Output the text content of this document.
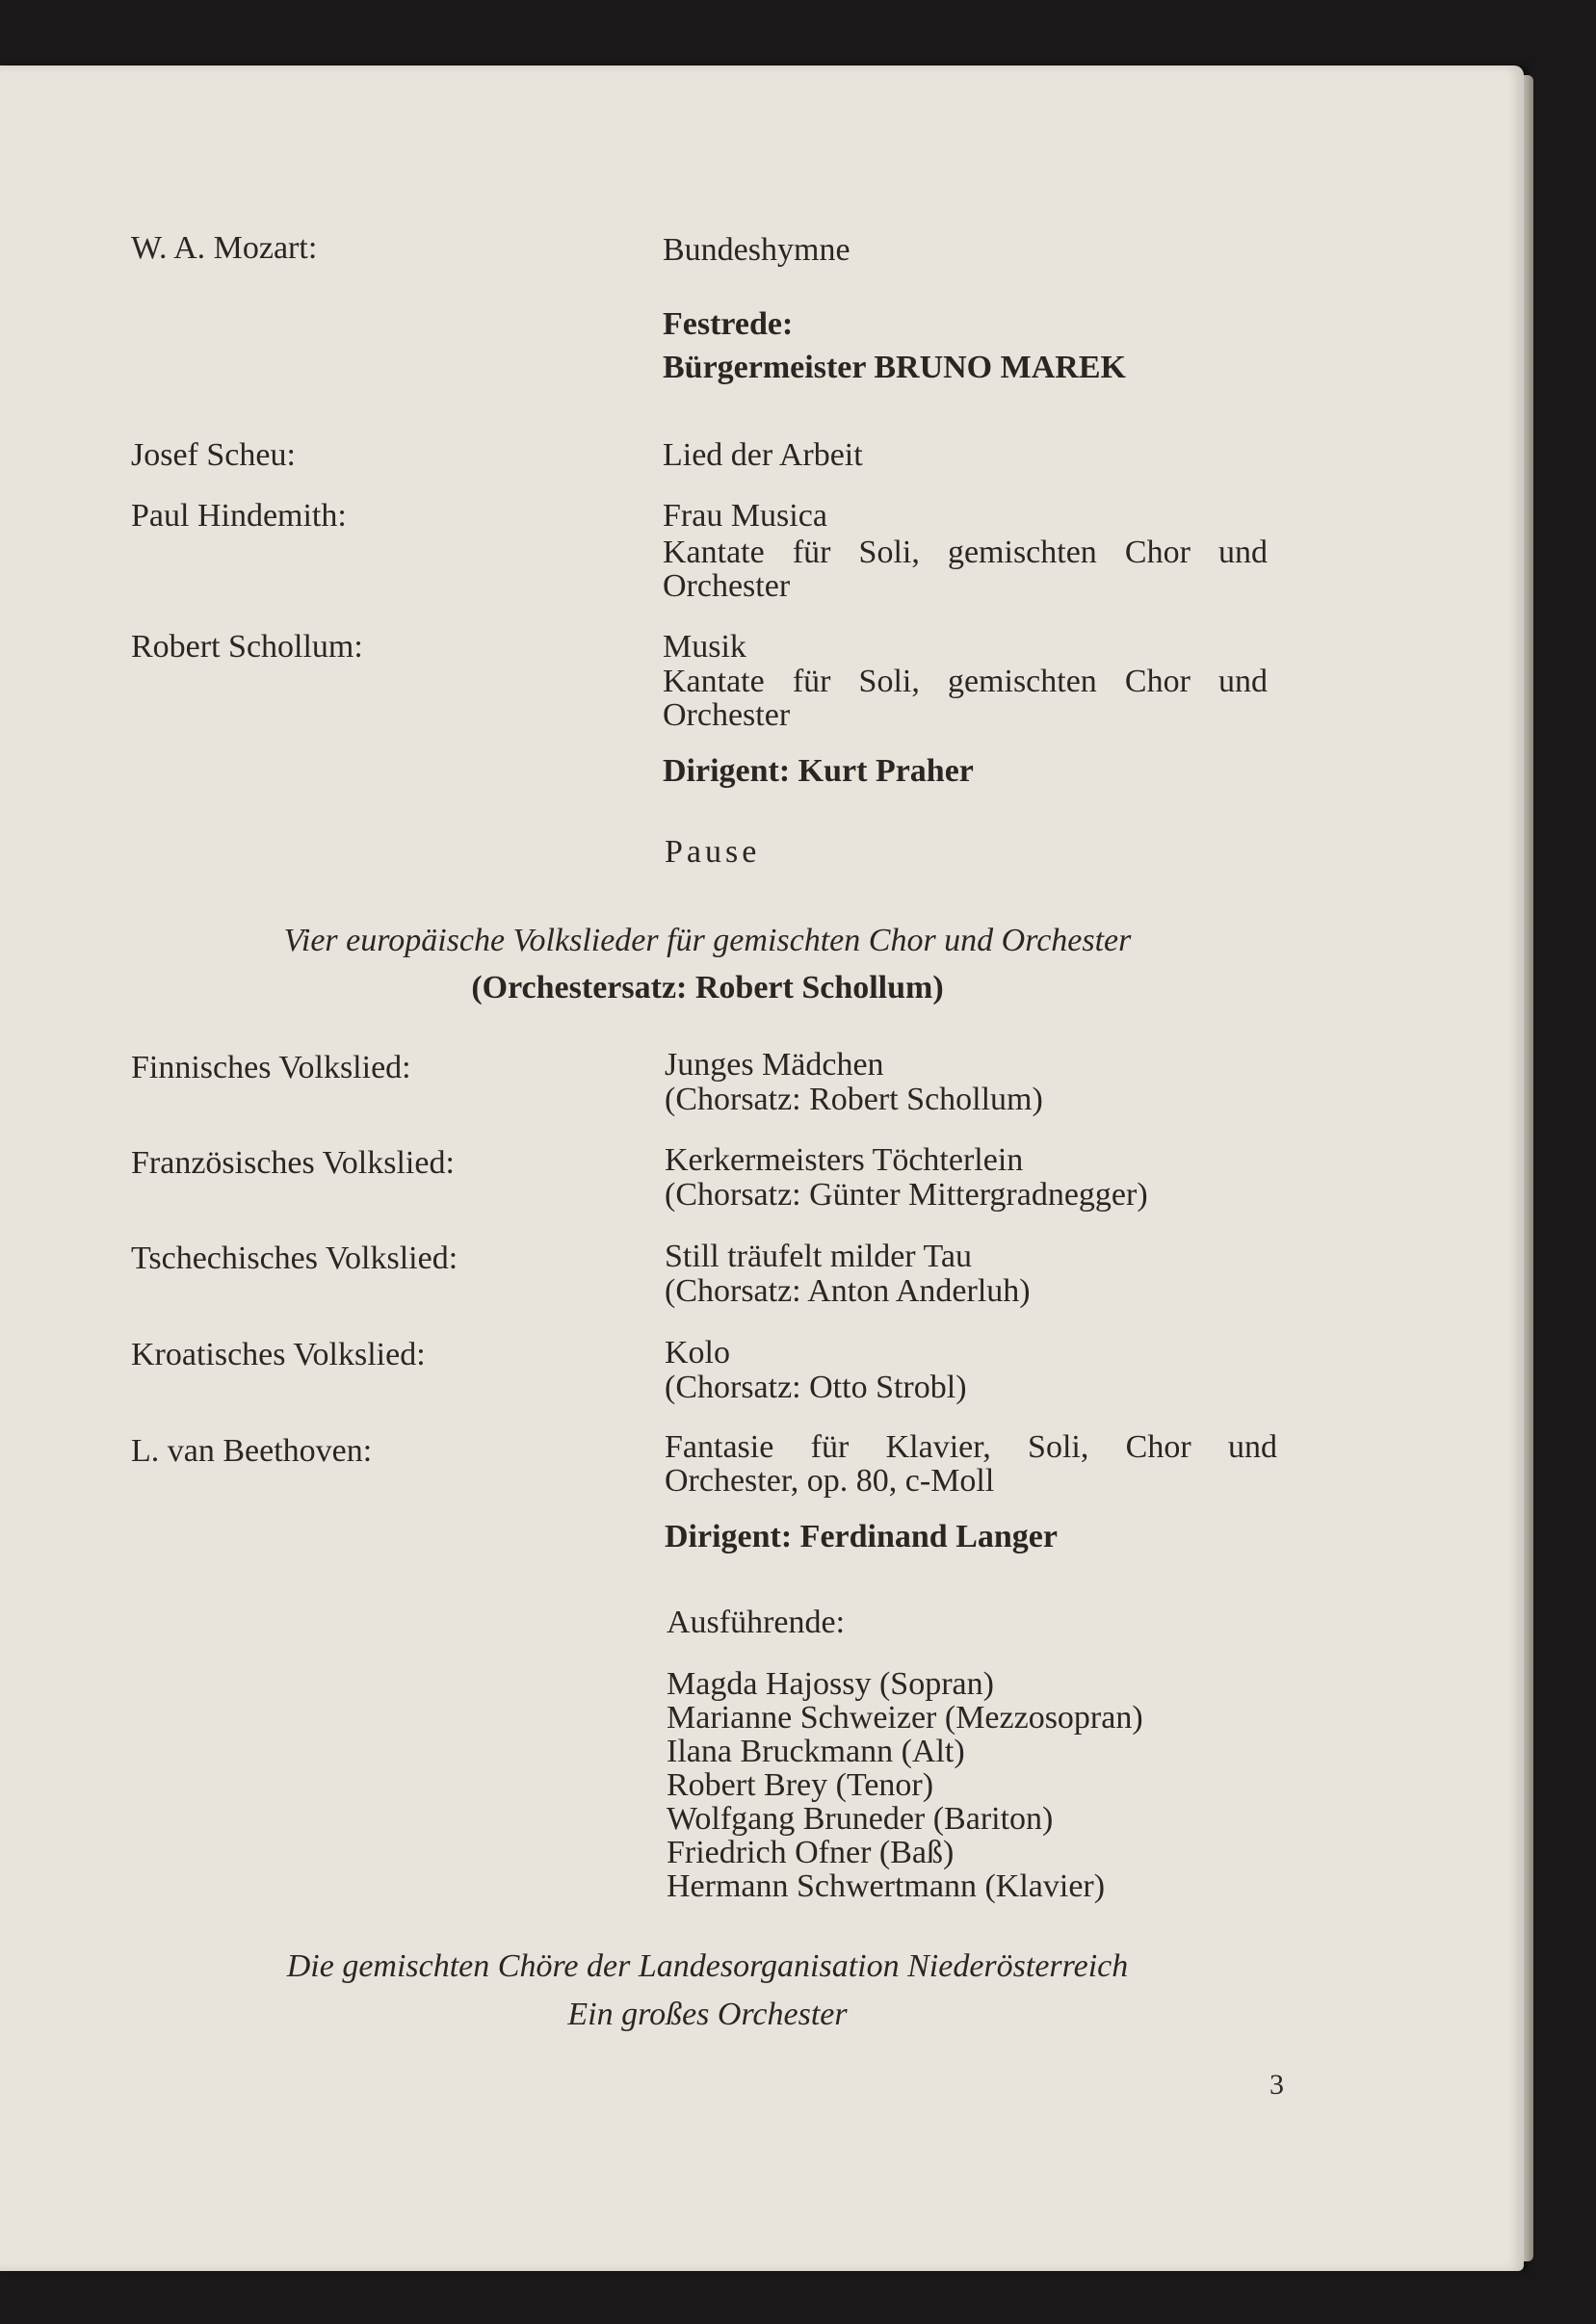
W. A. Mozart:	Bundeshymne

Festrede:

Bürgermeister BRUNO MAREK

Josef Scheu:	Lied der Arbeit

Paul Hindemith:	Frau Musica

Kantate für Soli, gemischten Chor und
Orchester

Robert Schollum:	Musik

Kantate für Soli, gemischten Chor und
Orchester

Dirigent: Kurt Praher

Pause

Vier europäische Volkslieder für gemischten Chor und Orchester

(Orchestersatz: Robert Schollum)

Finnisches Volkslied:	Junges Mädchen

(Chorsatz: Robert Schollum)

Französisches Volkslied:	Kerkermeisters Töchterlein

(Chorsatz: Günter Mittergradnegger)

Tschechisches Volkslied:	Still träufelt milder Tau

(Chorsatz: Anton Anderluh)

Kroatisches Volkslied:	Kolo

(Chorsatz: Otto Strobl)

L. van Beethoven:	Fantasie für Klavier, Soli, Chor und
Orchester, op. 80, c-Moll

Dirigent: Ferdinand Langer

Ausführende:

Magda Hajossy (Sopran)

Marianne Schweizer (Mezzosopran)

Ilana Bruckmann (Alt)

Robert Brey (Tenor)

Wolfgang Bruneder (Bariton)

Friedrich Ofner (Baß)

Hermann Schwertmann (Klavier)

Die gemischten Chöre der Landesorganisation Niederösterreich

Ein großes Orchester

3
